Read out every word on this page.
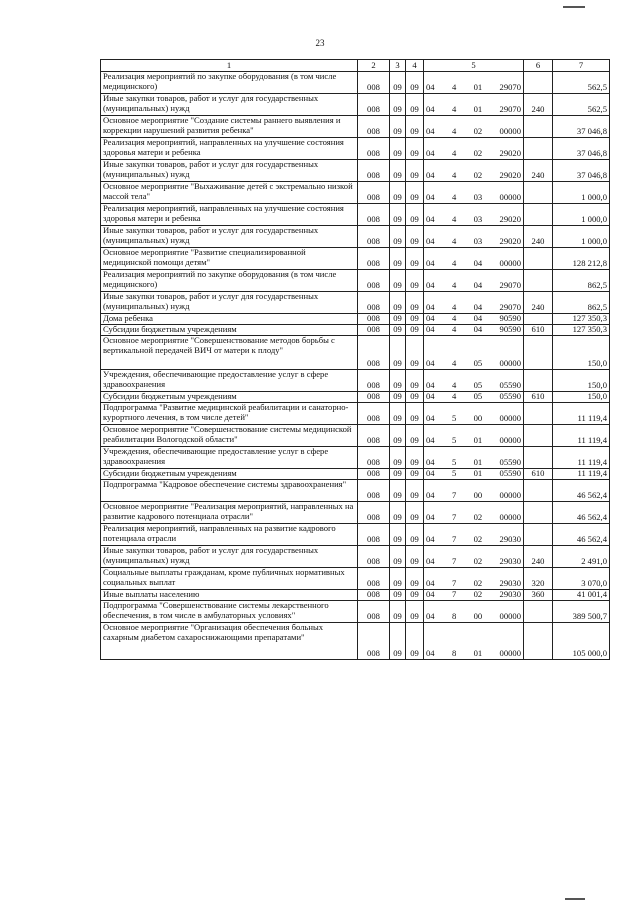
23
1	2	3	4	5	6	7
Реализация мероприятий по закупке оборудования (в том числе медицинского)	008	09	09	04 4 01 29070		562,5
Иные закупки товаров, работ и услуг для государственных (муниципальных) нужд	008	09	09	04 4 01 29070	240	562,5
Основное мероприятие "Создание системы раннего выявления и коррекции нарушений развития ребенка"	008	09	09	04 4 02 00000		37 046,8
Реализация мероприятий, направленных на улучшение состояния здоровья матери и ребенка	008	09	09	04 4 02 29020		37 046,8
Иные закупки товаров, работ и услуг для государственных (муниципальных) нужд	008	09	09	04 4 02 29020	240	37 046,8
Основное мероприятие "Выхаживание детей с экстремально низкой массой тела"	008	09	09	04 4 03 00000		1 000,0
Реализация мероприятий, направленных на улучшение состояния здоровья матери и ребенка	008	09	09	04 4 03 29020		1 000,0
Иные закупки товаров, работ и услуг для государственных (муниципальных) нужд	008	09	09	04 4 03 29020	240	1 000,0
Основное мероприятие "Развитие специализированной медицинской помощи детям"	008	09	09	04 4 04 00000		128 212,8
Реализация мероприятий по закупке оборудования (в том числе медицинского)	008	09	09	04 4 04 29070		862,5
Иные закупки товаров, работ и услуг для государственных (муниципальных) нужд	008	09	09	04 4 04 29070	240	862,5
Дома ребенка	008	09	09	04 4 04 90590		127 350,3
Субсидии бюджетным учреждениям	008	09	09	04 4 04 90590	610	127 350,3
Основное мероприятие "Совершенствование методов борьбы с вертикальной передачей ВИЧ от матери к плоду"	008	09	09	04 4 05 00000		150,0
Учреждения, обеспечивающие предоставление услуг в сфере здравоохранения	008	09	09	04 4 05 05590		150,0
Субсидии бюджетным учреждениям	008	09	09	04 4 05 05590	610	150,0
Подпрограмма "Развитие медицинской реабилитации и санаторно-курортного лечения, в том числе детей"	008	09	09	04 5 00 00000		11 119,4
Основное мероприятие "Совершенствование системы медицинской реабилитации Вологодской области"	008	09	09	04 5 01 00000		11 119,4
Учреждения, обеспечивающие предоставление услуг в сфере здравоохранения	008	09	09	04 5 01 05590		11 119,4
Субсидии бюджетным учреждениям	008	09	09	04 5 01 05590	610	11 119,4
Подпрограмма "Кадровое обеспечение системы здравоохранения"	008	09	09	04 7 00 00000		46 562,4
Основное мероприятие "Реализация мероприятий, направленных на развитие кадрового потенциала отрасли"	008	09	09	04 7 02 00000		46 562,4
Реализация мероприятий, направленных на развитие кадрового потенциала отрасли	008	09	09	04 7 02 29030		46 562,4
Иные закупки товаров, работ и услуг для государственных (муниципальных) нужд	008	09	09	04 7 02 29030	240	2 491,0
Социальные выплаты гражданам, кроме публичных нормативных социальных выплат	008	09	09	04 7 02 29030	320	3 070,0
Иные выплаты населению	008	09	09	04 7 02 29030	360	41 001,4
Подпрограмма "Совершенствование системы лекарственного обеспечения, в том числе в амбулаторных условиях"	008	09	09	04 8 00 00000		389 500,7
Основное мероприятие "Организация обеспечения больных сахарным диабетом сахароснижающими препаратами"	008	09	09	04 8 01 00000		105 000,0
